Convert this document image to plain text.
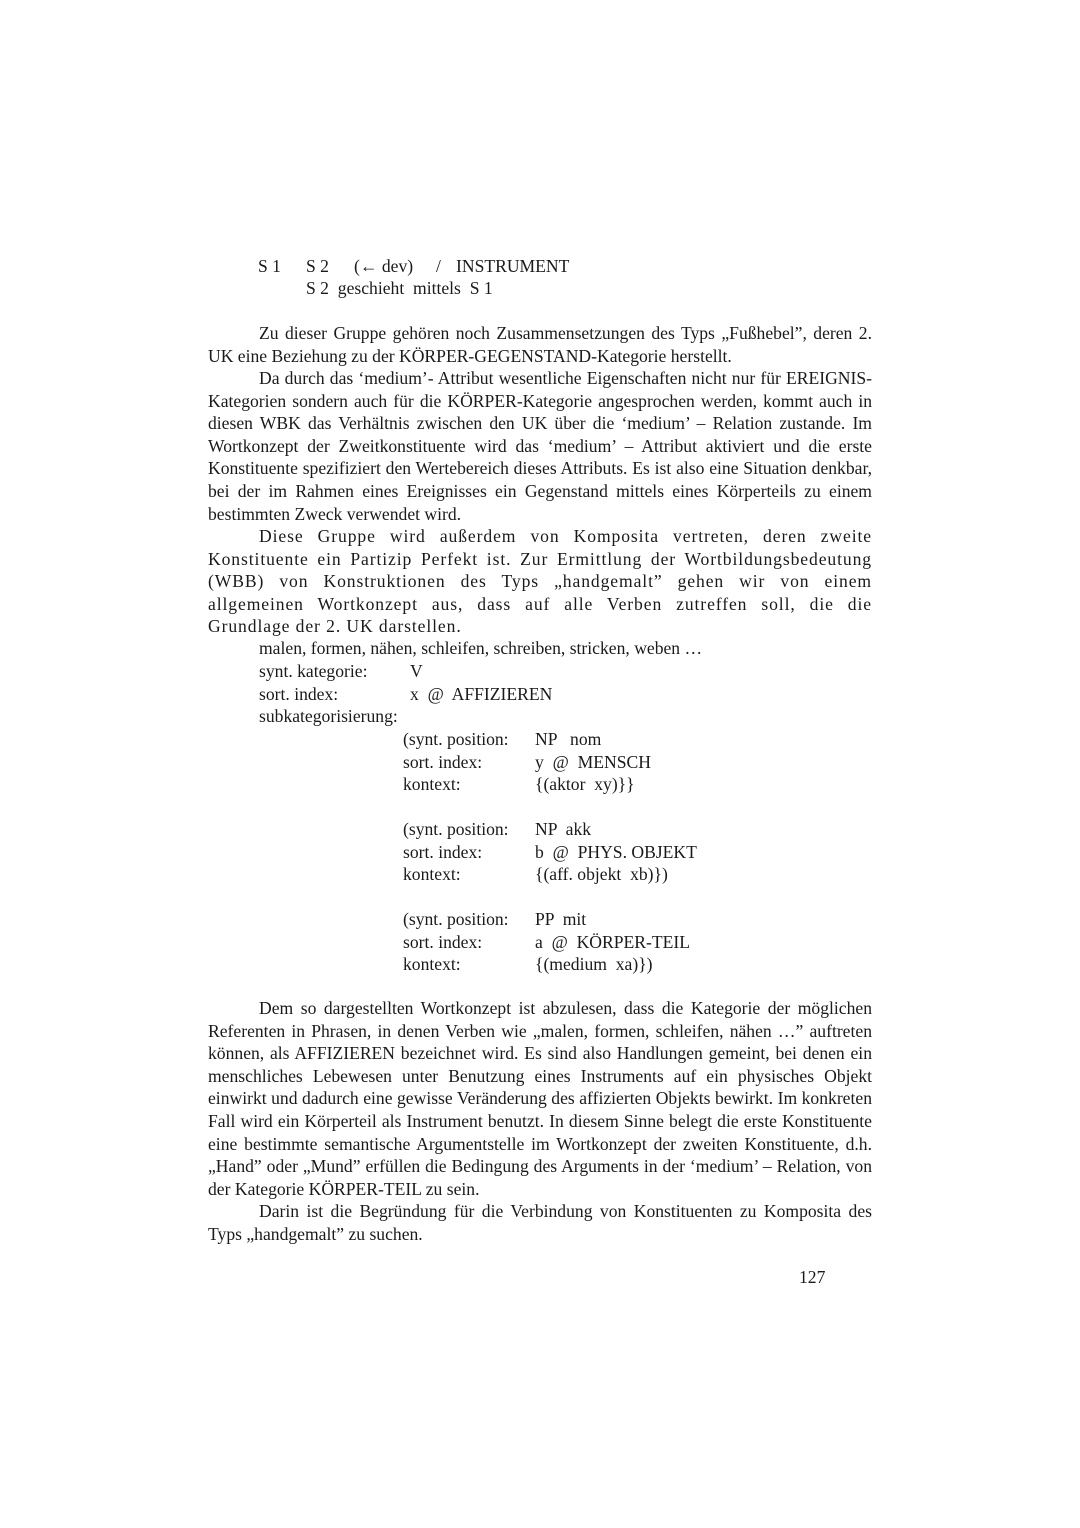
S 1 S 2 (← dev) / INSTRUMENT
S 2  geschieht  mittels  S 1

Zu dieser Gruppe gehören noch Zusammensetzungen des Typs „Fußhebel”, deren 2. UK eine Beziehung zu der KÖRPER-GEGENSTAND-Kategorie herstellt.

Da durch das ‘medium’- Attribut wesentliche Eigenschaften nicht nur für EREIGNIS-Kategorien sondern auch für die KÖRPER-Kategorie angesprochen werden, kommt auch in diesen WBK das Verhältnis zwischen den UK über die ‘medium’ – Relation zustande. Im Wortkonzept der Zweitkonstituente wird das ‘medium’ – Attribut aktiviert und die erste Konstituente spezifiziert den Wertebereich dieses Attributs. Es ist also eine Situation denkbar, bei der im Rahmen eines Ereignisses ein Gegenstand mittels eines Körperteils zu einem bestimmten Zweck verwendet wird.

Diese Gruppe wird außerdem von Komposita vertreten, deren zweite Konstituente ein Partizip Perfekt ist. Zur Ermittlung der Wortbildungsbedeutung (WBB) von Konstruktionen des Typs „handgemalt” gehen wir von einem allgemeinen Wortkonzept aus, dass auf alle Verben zutreffen soll, die die Grundlage der 2. UK darstellen.

malen, formen, nähen, schleifen, schreiben, stricken, weben …
synt. kategorie: V
sort. index:	x  @  AFFIZIEREN
subkategorisierung:
(synt. position: NP   nom
sort. index:	y  @  MENSCH
kontext:	{(aktor  xy)}}
(synt. position: NP  akk
sort. index:	b  @  PHYS. OBJEKT
kontext:	{(aff. objekt  xb)})
(synt. position: PP  mit
sort. index:	a  @  KÖRPER-TEIL
kontext:	{(medium  xa)})

Dem so dargestellten Wortkonzept ist abzulesen, dass die Kategorie der möglichen Referenten in Phrasen, in denen Verben wie „malen, formen, schleifen, nähen …” auftreten können, als AFFIZIEREN bezeichnet wird. Es sind also Handlungen gemeint, bei denen ein menschliches Lebewesen unter Benutzung eines Instruments auf ein physisches Objekt einwirkt und dadurch eine gewisse Veränderung des affizierten Objekts bewirkt. Im konkreten Fall wird ein Körperteil als Instrument benutzt. In diesem Sinne belegt die erste Konstituente eine bestimmte semantische Argumentstelle im Wortkonzept der zweiten Konstituente, d.h. „Hand” oder „Mund” erfüllen die Bedingung des Arguments in der ‘medium’ – Relation, von der Kategorie KÖRPER-TEIL zu sein.

Darin ist die Begründung für die Verbindung von Konstituenten zu Komposita des Typs „handgemalt” zu suchen.

127
